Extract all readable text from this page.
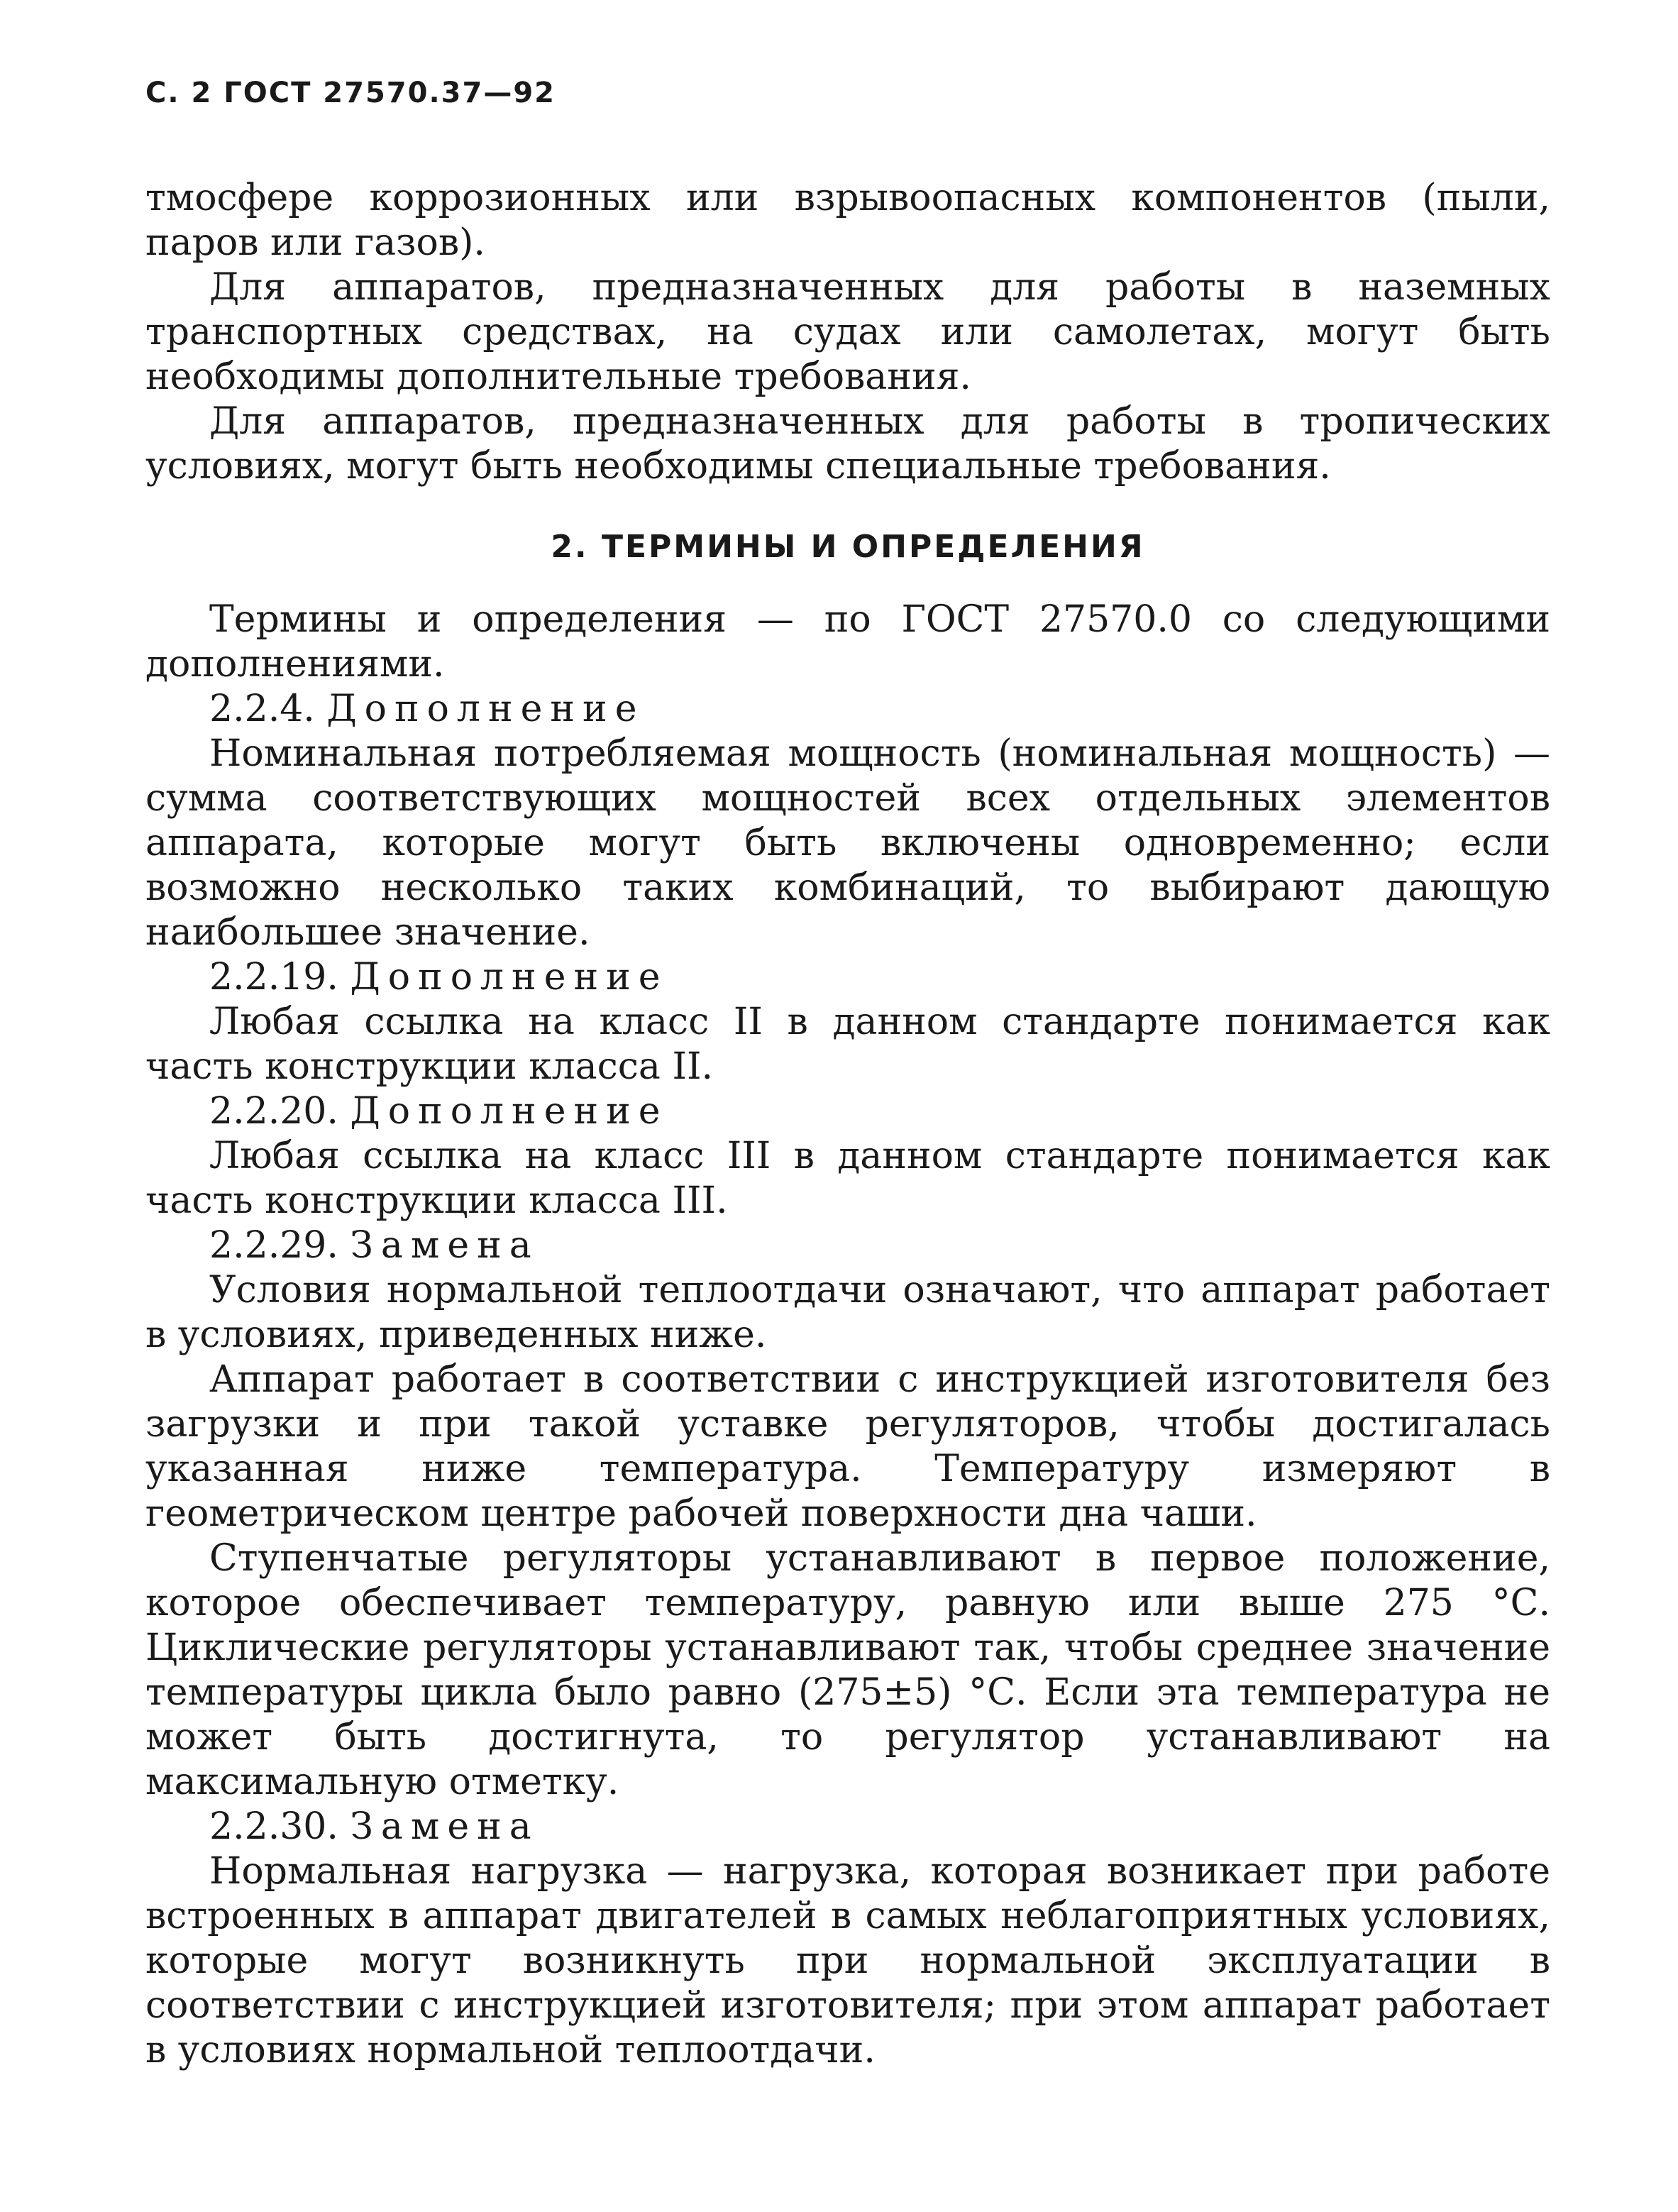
С. 2 ГОСТ 27570.37—92

тмосфере коррозионных или взрывоопасных компонентов (пыли, паров или газов).

Для аппаратов, предназначенных для работы в наземных транспортных средствах, на судах или самолетах, могут быть необходимы дополнительные требования.

Для аппаратов, предназначенных для работы в тропических условиях, могут быть необходимы специальные требования.

2. ТЕРМИНЫ И ОПРЕДЕЛЕНИЯ

Термины и определения — по ГОСТ 27570.0 со следующими дополнениями.

2.2.4. Дополнение

Номинальная потребляемая мощность (номинальная мощность) — сумма соответствующих мощностей всех отдельных элементов аппарата, которые могут быть включены одновременно; если возможно несколько таких комбинаций, то выбирают дающую наибольшее значение.

2.2.19. Дополнение

Любая ссылка на класс II в данном стандарте понимается как часть конструкции класса II.

2.2.20. Дополнение

Любая ссылка на класс III в данном стандарте понимается как часть конструкции класса III.

2.2.29. Замена

Условия нормальной теплоотдачи означают, что аппарат работает в условиях, приведенных ниже.

Аппарат работает в соответствии с инструкцией изготовителя без загрузки и при такой уставке регуляторов, чтобы достигалась указанная ниже температура. Температуру измеряют в геометрическом центре рабочей поверхности дна чаши.

Ступенчатые регуляторы устанавливают в первое положение, которое обеспечивает температуру, равную или выше 275 °С. Циклические регуляторы устанавливают так, чтобы среднее значение температуры цикла было равно (275±5) °С. Если эта температура не может быть достигнута, то регулятор устанавливают на максимальную отметку.

2.2.30. Замена

Нормальная нагрузка — нагрузка, которая возникает при работе встроенных в аппарат двигателей в самых неблагоприятных условиях, которые могут возникнуть при нормальной эксплуатации в соответствии с инструкцией изготовителя; при этом аппарат работает в условиях нормальной теплоотдачи.
